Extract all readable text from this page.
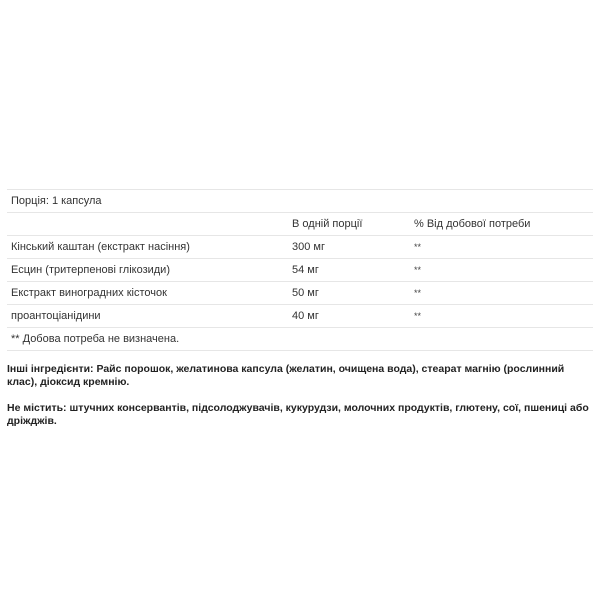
Порція: 1 капсула		
	В одній порції	% Від добової потреби
Кінський каштан (екстракт насіння)	300 мг	**
Есцин (тритерпенові глікозиди)	54 мг	**
Екстракт виноградних кісточок	50 мг	**
проантоціанідини	40 мг	**
** Добова потреба не визначена.		

Інші інгредієнти: Райс порошок, желатинова капсула (желатин, очищена вода), стеарат магнію (рослинний клас), діоксид кремнію.

Не містить: штучних консервантів, підсолоджувачів, кукурудзи, молочних продуктів, глютену, сої, пшениці або дріжджів.
